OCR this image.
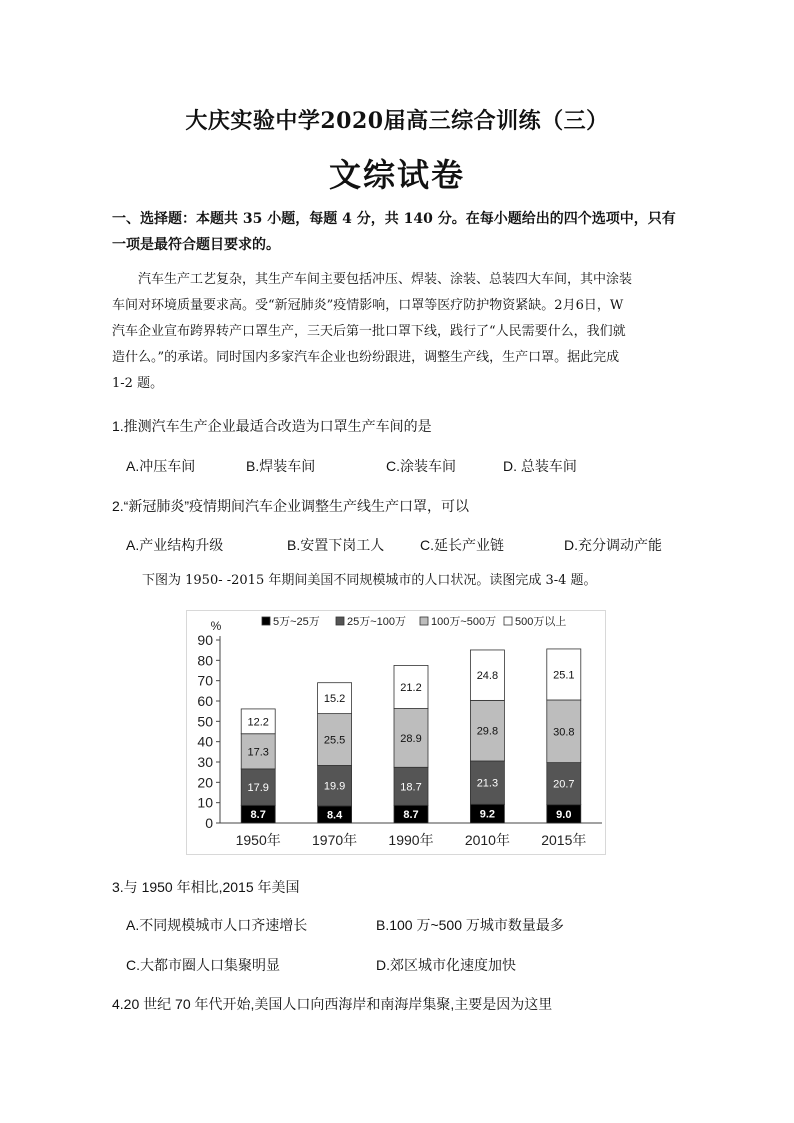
大庆实验中学2020届高三综合训练（三）
文综试卷
一、选择题：本题共 35 小题，每题 4 分，共 140 分。在每小题给出的四个选项中，只有一项是最符合题目要求的。
汽车生产工艺复杂，其生产车间主要包括冲压、焊装、涂装、总装四大车间，其中涂装
车间对环境质量要求高。受“新冠肺炎”疫情影响，口罩等医疗防护物资紧缺。2月6日，W
汽车企业宣布跨界转产口罩生产，三天后第一批口罩下线，践行了“人民需要什么，我们就
造什么。”的承诺。同时国内多家汽车企业也纷纷跟进，调整生产线，生产口罩。据此完成
1-2 题。
1.推测汽车生产企业最适合改造为口罩生产车间的是
A.冲压车间	B.焊装车间	C.涂装车间	D. 总装车间
2.“新冠肺炎”疫情期间汽车企业调整生产线生产口罩，可以
A.产业结构升级	B.安置下岗工人	C.延长产业链	D.充分调动产能
下图为 1950- -2015 年期间美国不同规模城市的人口状况。读图完成 3-4 题。
0
10
20
30
40
50
60
70
80
90
%
8.7
17.9
17.3
12.2
1950年
8.4
19.9
25.5
15.2
1970年
8.7
18.7
28.9
21.2
1990年
9.2
21.3
29.8
24.8
2010年
9.0
20.7
30.8
25.1
2015年
5万~25万 25万~100万 100万~500万 500万以上
3.与 1950 年相比,2015 年美国
A.不同规模城市人口齐速增长	B.100 万~500 万城市数量最多
C.大都市圈人口集聚明显	D.郊区城市化速度加快
4.20 世纪 70 年代开始,美国人口向西海岸和南海岸集聚,主要是因为这里
